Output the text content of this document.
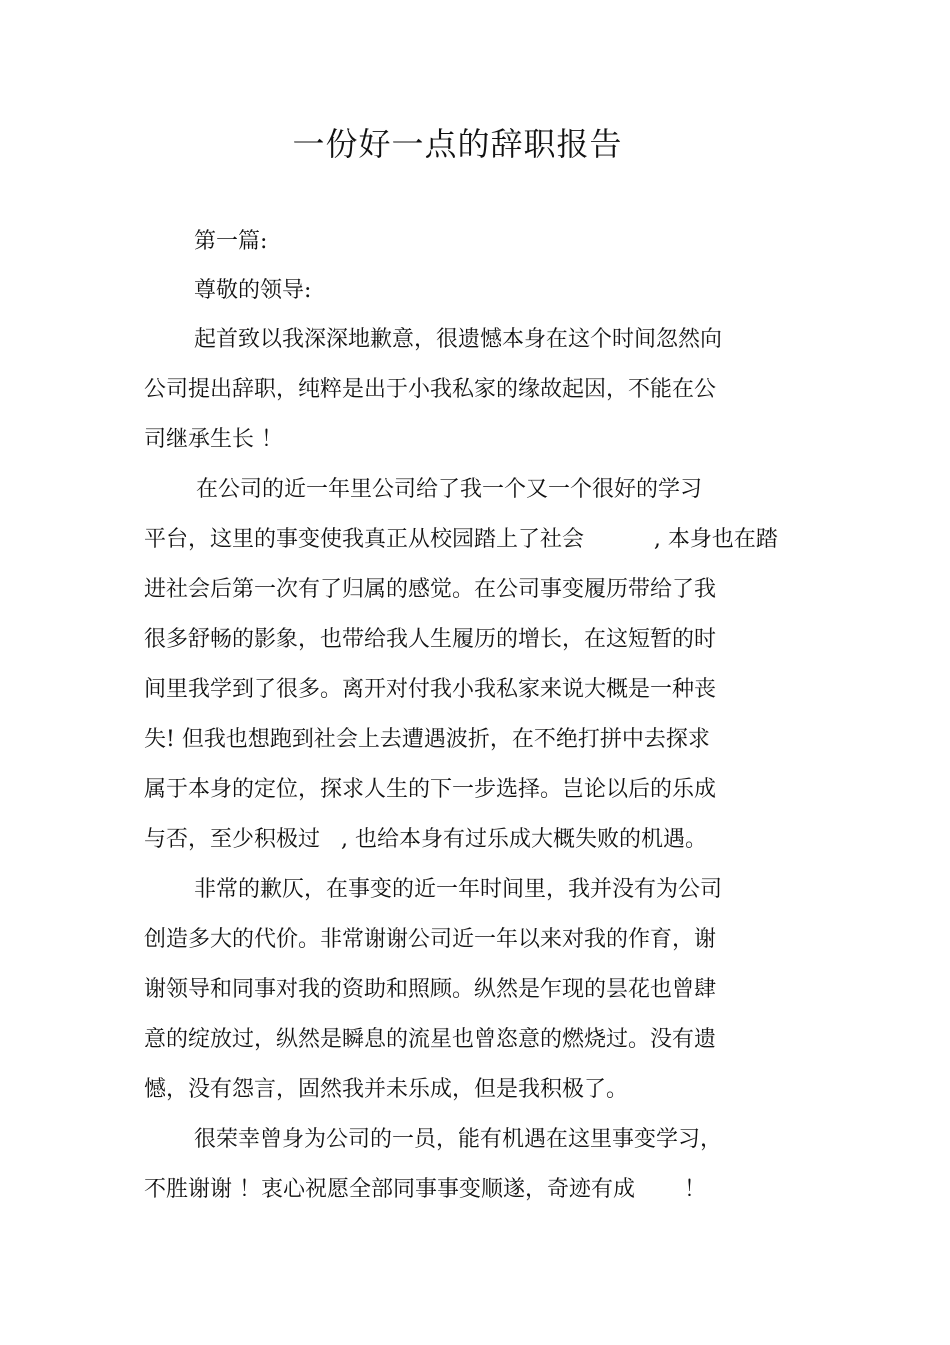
一份好一点的辞职报告

第一篇:

尊敬的领导:

起首致以我深深地歉意，很遗憾本身在这个时间忽然向

公司提出辞职，纯粹是出于小我私家的缘故起因，不能在公

司继承生长 ！

在公司的近一年里公司给了我一个又一个很好的学习

平台，这里的事变使我真正从校园踏上了社会          , 本身也在踏

进社会后第一次有了归属的感觉。在公司事变履历带给了我

很多舒畅的影象，也带给我人生履历的增长，在这短暂的时

间里我学到了很多。离开对付我小我私家来说大概是一种丧

失! 但我也想跑到社会上去遭遇波折，在不绝打拼中去探求

属于本身的定位，探求人生的下一步选择。岂论以后的乐成

与否，至少积极过   , 也给本身有过乐成大概失败的机遇。

非常的歉仄，在事变的近一年时间里，我并没有为公司

创造多大的代价。非常谢谢公司近一年以来对我的作育，谢

谢领导和同事对我的资助和照顾。纵然是乍现的昙花也曾肆

意的绽放过，纵然是瞬息的流星也曾恣意的燃烧过。没有遗

憾，没有怨言，固然我并未乐成，但是我积极了。

很荣幸曾身为公司的一员，能有机遇在这里事变学习，

不胜谢谢 ！衷心祝愿全部同事事变顺遂，奇迹有成       ！
